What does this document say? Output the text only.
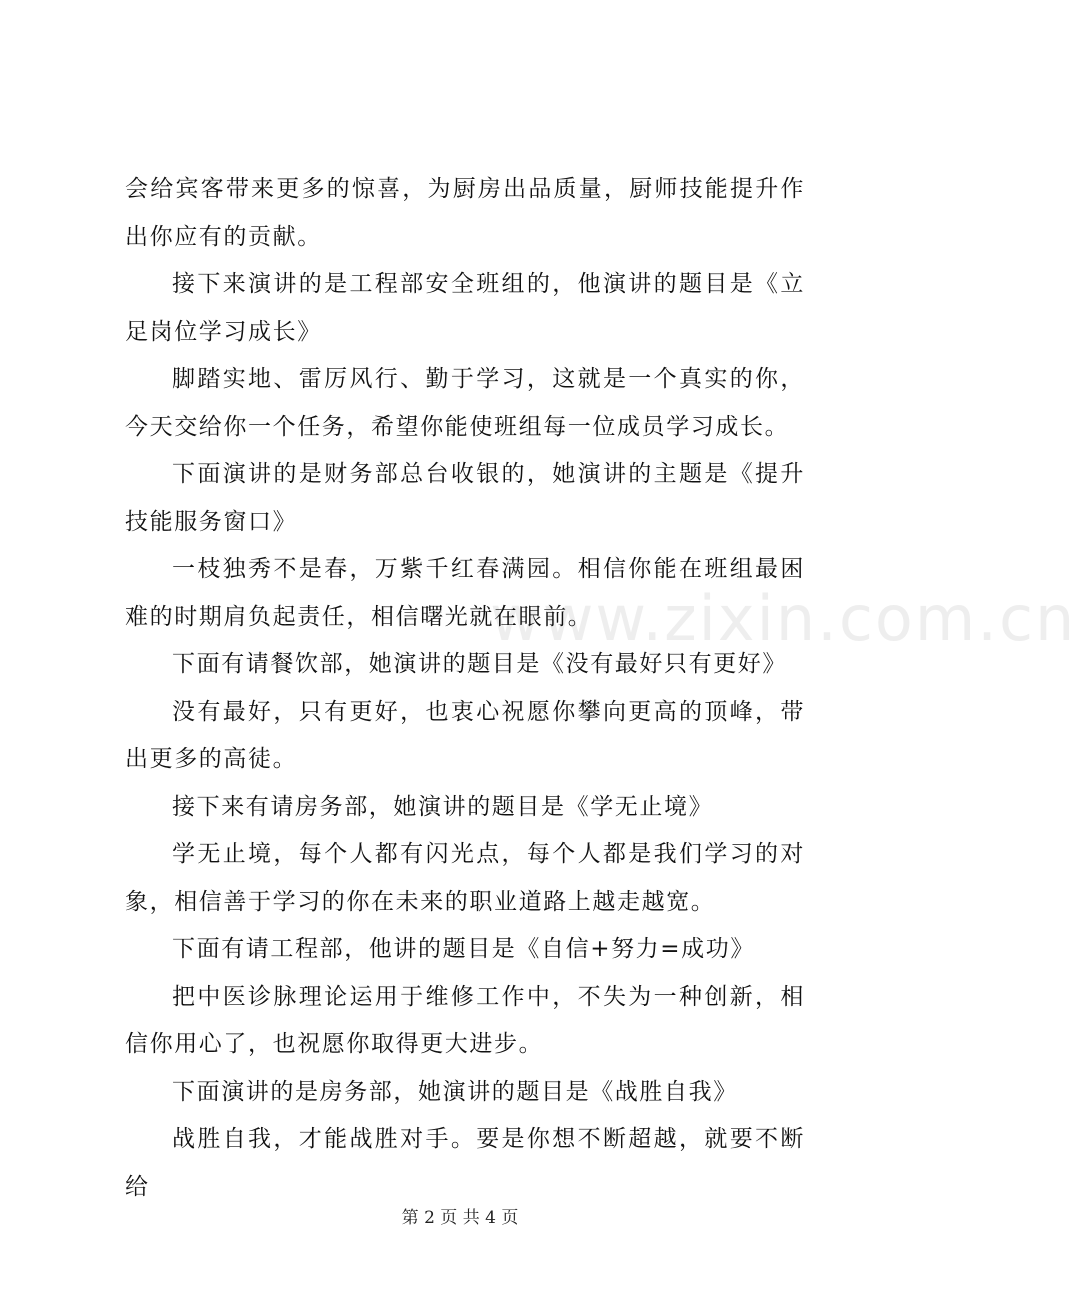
www.zixin.com.cn

会给宾客带来更多的惊喜，为厨房出品质量，厨师技能提升作出你应有的贡献。

接下来演讲的是工程部安全班组的，他演讲的题目是《立足岗位学习成长》

脚踏实地、雷厉风行、勤于学习，这就是一个真实的你，今天交给你一个任务，希望你能使班组每一位成员学习成长。

下面演讲的是财务部总台收银的，她演讲的主题是《提升技能服务窗口》

一枝独秀不是春，万紫千红春满园。相信你能在班组最困难的时期肩负起责任，相信曙光就在眼前。

下面有请餐饮部，她演讲的题目是《没有最好只有更好》

没有最好，只有更好，也衷心祝愿你攀向更高的顶峰，带出更多的高徒。

接下来有请房务部，她演讲的题目是《学无止境》

学无止境，每个人都有闪光点，每个人都是我们学习的对象，相信善于学习的你在未来的职业道路上越走越宽。

下面有请工程部，他讲的题目是《自信+努力=成功》

把中医诊脉理论运用于维修工作中，不失为一种创新，相信你用心了，也祝愿你取得更大进步。

下面演讲的是房务部，她演讲的题目是《战胜自我》

战胜自我，才能战胜对手。要是你想不断超越，就要不断给

第 2 页 共 4 页
